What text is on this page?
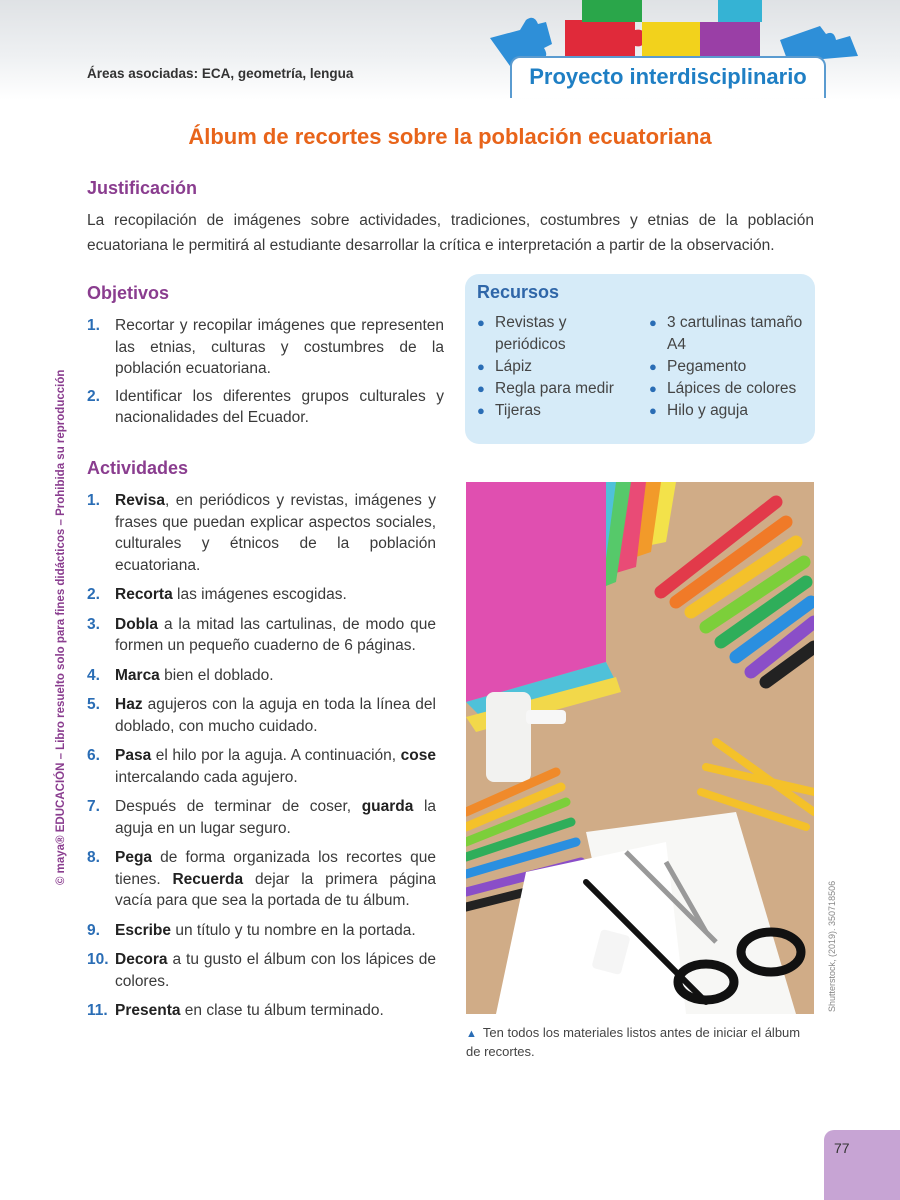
Áreas asociadas: ECA, geometría, lengua	Proyecto interdisciplinario
Álbum de recortes sobre la población ecuatoriana
Justificación
La recopilación de imágenes sobre actividades, tradiciones, costumbres y etnias de la población ecuatoriana le permitirá al estudiante desarrollar la crítica e interpretación a partir de la observación.
Objetivos
1. Recortar y recopilar imágenes que representen las etnias, culturas y costumbres de la población ecuatoriana.
2. Identificar los diferentes grupos culturales y nacionalidades del Ecuador.
Recursos
● Revistas y periódicos
● Lápiz
● Regla para medir
● Tijeras
● 3 cartulinas tamaño A4
● Pegamento
● Lápices de colores
● Hilo y aguja
Actividades
1. Revisa, en periódicos y revistas, imágenes y frases que puedan explicar aspectos sociales, culturales y étnicos de la población ecuatoriana.
2. Recorta las imágenes escogidas.
3. Dobla a la mitad las cartulinas, de modo que formen un pequeño cuaderno de 6 páginas.
4. Marca bien el doblado.
5. Haz agujeros con la aguja en toda la línea del doblado, con mucho cuidado.
6. Pasa el hilo por la aguja. A continuación, cose intercalando cada agujero.
7. Después de terminar de coser, guarda la aguja en un lugar seguro.
8. Pega de forma organizada los recortes que tienes. Recuerda dejar la primera página vacía para que sea la portada de tu álbum.
9. Escribe un título y tu nombre en la portada.
10. Decora a tu gusto el álbum con los lápices de colores.
11. Presenta en clase tu álbum terminado.
© maya® EDUCACIÓN – Libro resuelto solo para fines didácticos – Prohibida su reproducción
Shutterstock, (2019). 350718506
▲ Ten todos los materiales listos antes de iniciar el álbum de recortes.
77
